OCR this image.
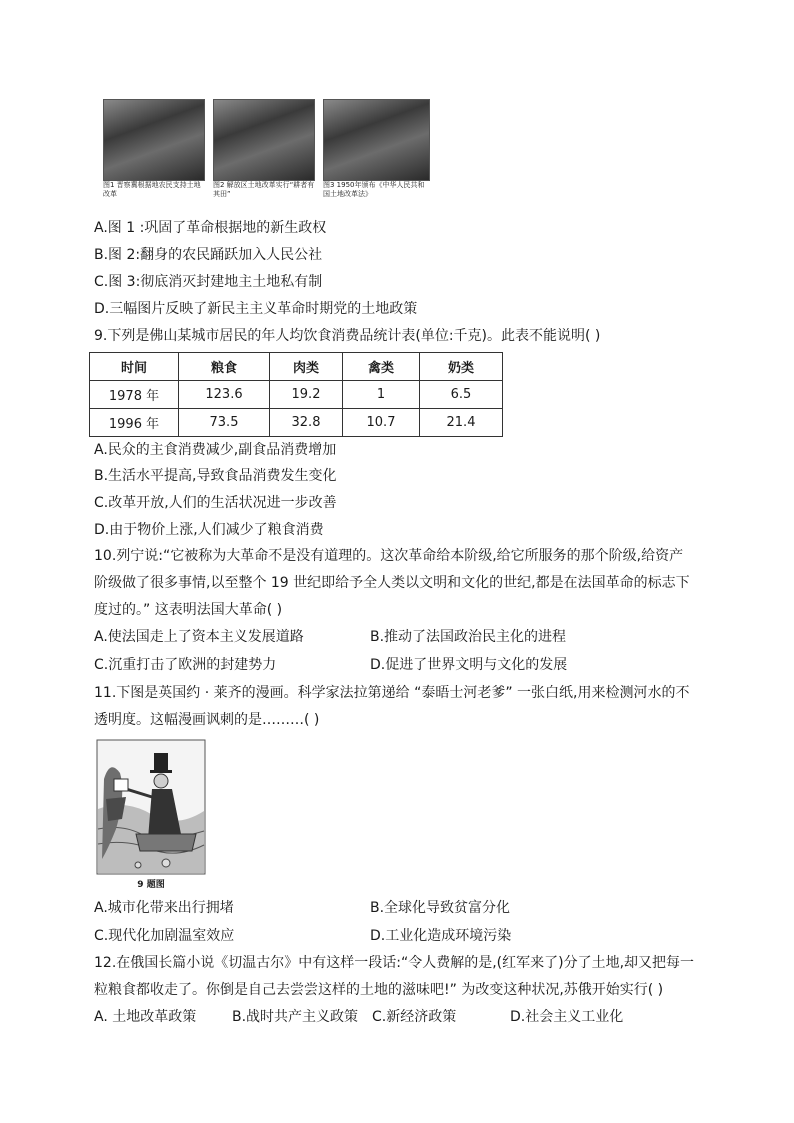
图1 晋察冀根据地农民支持土地改革
图2 解放区土地改革实行“耕者有其田”
图3 1950年颁布《中华人民共和国土地改革法》
A.图 1 :巩固了革命根据地的新生政权
B.图 2:翻身的农民踊跃加入人民公社
C.图 3:彻底消灭封建地主土地私有制
D.三幅图片反映了新民主主义革命时期党的土地政策
9.下列是佛山某城市居民的年人均饮食消费品统计表(单位:千克)。此表不能说明( )
时间	粮食	肉类	禽类	奶类
1978 年	123.6	19.2	1	6.5
1996 年	73.5	32.8	10.7	21.4
A.民众的主食消费减少,副食品消费增加
B.生活水平提高,导致食品消费发生变化
C.改革开放,人们的生活状况进一步改善
D.由于物价上涨,人们减少了粮食消费
10.列宁说:“它被称为大革命不是没有道理的。这次革命给本阶级,给它所服务的那个阶级,给资产
阶级做了很多事情,以至整个 19 世纪即给予全人类以文明和文化的世纪,都是在法国革命的标志下
度过的。” 这表明法国大革命( )
A.使法国走上了资本主义发展道路	B.推动了法国政治民主化的进程
C.沉重打击了欧洲的封建势力	D.促进了世界文明与文化的发展
11.下图是英国约 · 莱齐的漫画。科学家法拉第递给 “泰晤士河老爹” 一张白纸,用来检测河水的不
透明度。这幅漫画讽刺的是………( )
9 题图
A.城市化带来出行拥堵	B.全球化导致贫富分化
C.现代化加剧温室效应	D.工业化造成环境污染
12.在俄国长篇小说《切温古尔》中有这样一段话:“令人费解的是,(红军来了)分了土地,却又把每一
粒粮食都收走了。你倒是自己去尝尝这样的土地的滋味吧!” 为改变这种状况,苏俄开始实行( )
A. 土地改革政策	B.战时共产主义政策 C.新经济政策	D.社会主义工业化
